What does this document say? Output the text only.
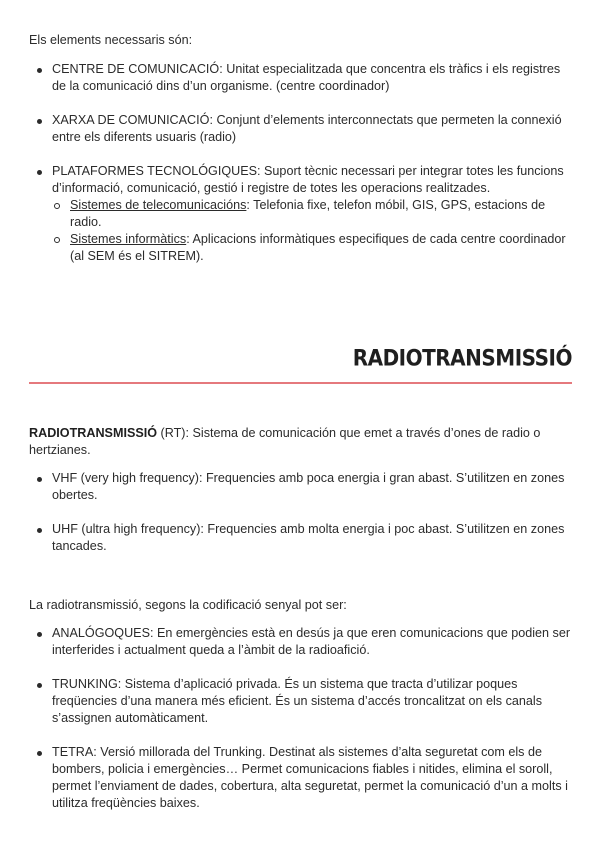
Els elements necessaris són:

CENTRE DE COMUNICACIÓ: Unitat especialitzada que concentra els tràfics i els registres de la comunicació dins d’un organisme. (centre coordinador)
XARXA DE COMUNICACIÓ: Conjunt d’elements interconnectats que permeten la connexió entre els diferents usuaris (radio)
PLATAFORMES TECNOLÓGIQUES: Suport tècnic necessari per integrar totes les funcions d’informació, comunicació, gestió i registre de totes les operacions realitzades.
Sistemes de telecomunicacións: Telefonia fixe, telefon móbil, GIS, GPS, estacions de radio.
Sistemes informàtics: Aplicacions informàtiques especifiques de cada centre coordinador (al SEM és el SITREM).
RADIOTRANSMISSIÓ

RADIOTRANSMISSIÓ (RT): Sistema de comunicación que emet a través d’ones de radio o hertzianes.

VHF (very high frequency): Frequencies amb poca energia i gran abast. S’utilitzen en zones obertes.
UHF (ultra high frequency): Frequencies amb molta energia i poc abast. S’utilitzen en zones tancades.

La radiotransmissió, segons la codificació senyal pot ser:

ANALÓGOQUES: En emergències està en desús ja que eren comunicacions que podien ser interferides i actualment queda a l’àmbit de la radioafició.
TRUNKING: Sistema d’aplicació privada. És un sistema que tracta d’utilizar poques freqüencies d’una manera més eficient. És un sistema d’accés troncalitzat on els canals s’assignen automàticament.
TETRA: Versió millorada del Trunking. Destinat als sistemes d’alta seguretat com els de bombers, policia i emergències… Permet comunicacions fiables i nitides, elimina el soroll, permet l’enviament de dades, cobertura, alta seguretat, permet la comunicació d’un a molts i utilitza freqüències baixes.
